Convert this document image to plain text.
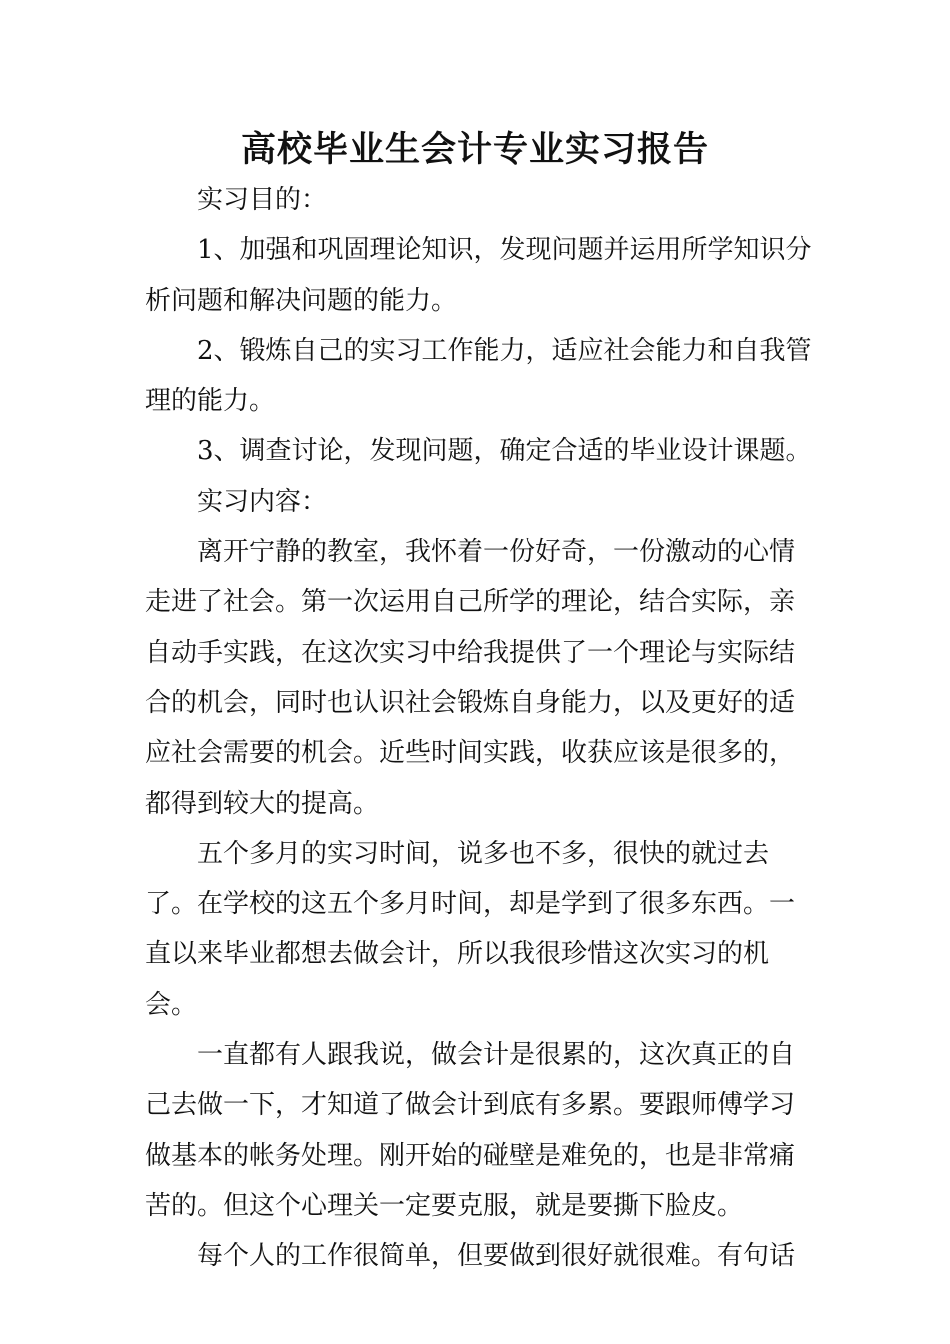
高校毕业生会计专业实习报告

实习目的：

1、加强和巩固理论知识，发现问题并运用所学知识分析问题和解决问题的能力。

2、锻炼自己的实习工作能力，适应社会能力和自我管理的能力。

3、调查讨论，发现问题，确定合适的毕业设计课题。

实习内容：

离开宁静的教室，我怀着一份好奇，一份激动的心情走进了社会。第一次运用自己所学的理论，结合实际，亲自动手实践，在这次实习中给我提供了一个理论与实际结合的机会，同时也认识社会锻炼自身能力，以及更好的适应社会需要的机会。近些时间实践，收获应该是很多的，都得到较大的提高。

五个多月的实习时间，说多也不多，很快的就过去了。在学校的这五个多月时间，却是学到了很多东西。一直以来毕业都想去做会计，所以我很珍惜这次实习的机会。

一直都有人跟我说，做会计是很累的，这次真正的自己去做一下，才知道了做会计到底有多累。要跟师傅学习做基本的帐务处理。刚开始的碰壁是难免的，也是非常痛苦的。但这个心理关一定要克服，就是要撕下脸皮。

每个人的工作很简单，但要做到很好就很难。有句话
